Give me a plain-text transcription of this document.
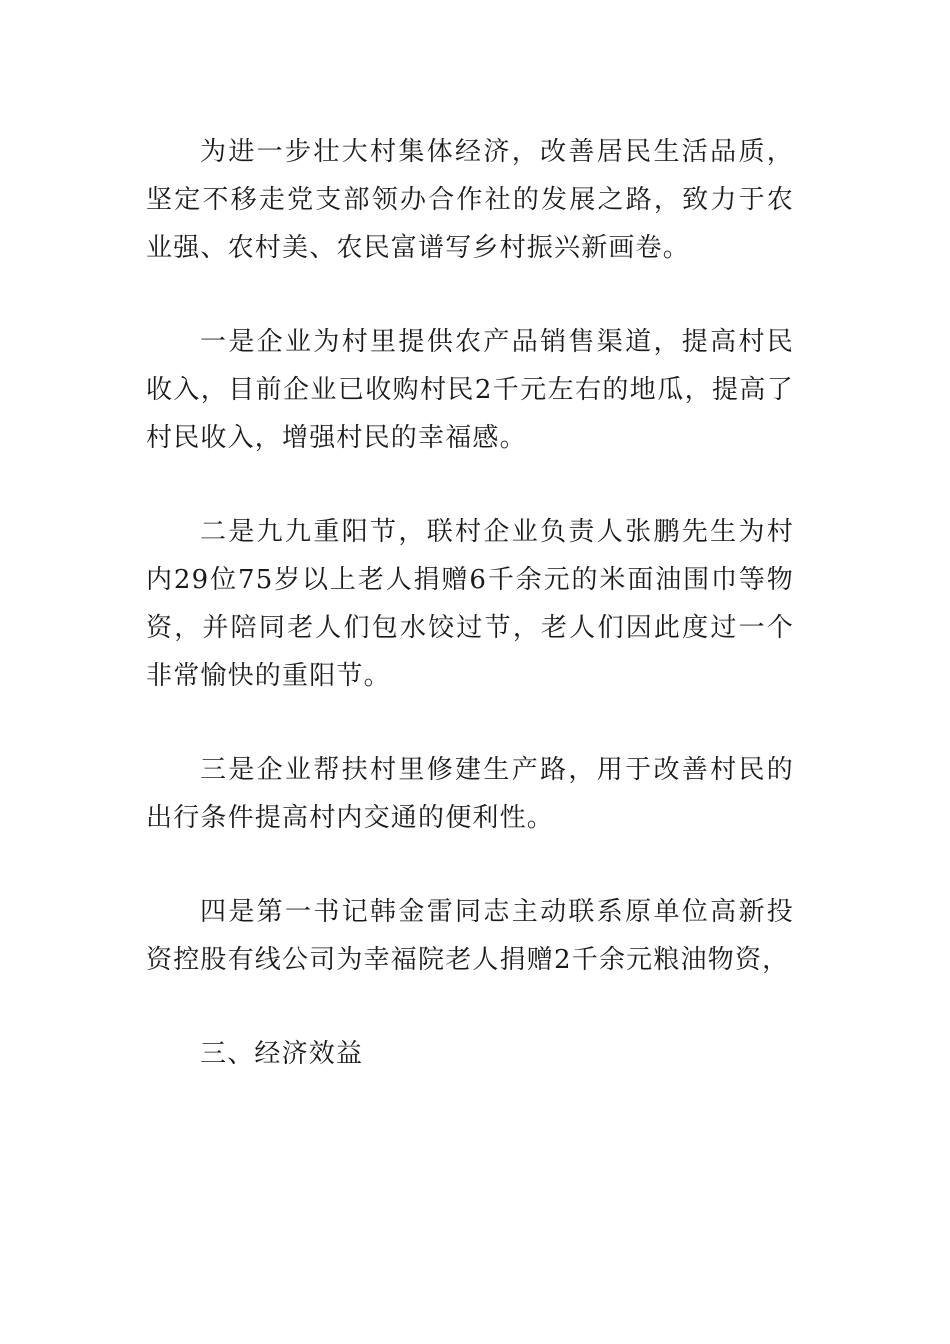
为进一步壮大村集体经济，改善居民生活品质，坚定不移走党支部领办合作社的发展之路，致力于农业强、农村美、农民富谱写乡村振兴新画卷。

一是企业为村里提供农产品销售渠道，提高村民收入，目前企业已收购村民2千元左右的地瓜，提高了村民收入，增强村民的幸福感。

二是九九重阳节，联村企业负责人张鹏先生为村内29位75岁以上老人捐赠6千余元的米面油围巾等物资，并陪同老人们包水饺过节，老人们因此度过一个非常愉快的重阳节。

三是企业帮扶村里修建生产路，用于改善村民的出行条件提高村内交通的便利性。

四是第一书记韩金雷同志主动联系原单位高新投资控股有线公司为幸福院老人捐赠2千余元粮油物资，

三、经济效益
